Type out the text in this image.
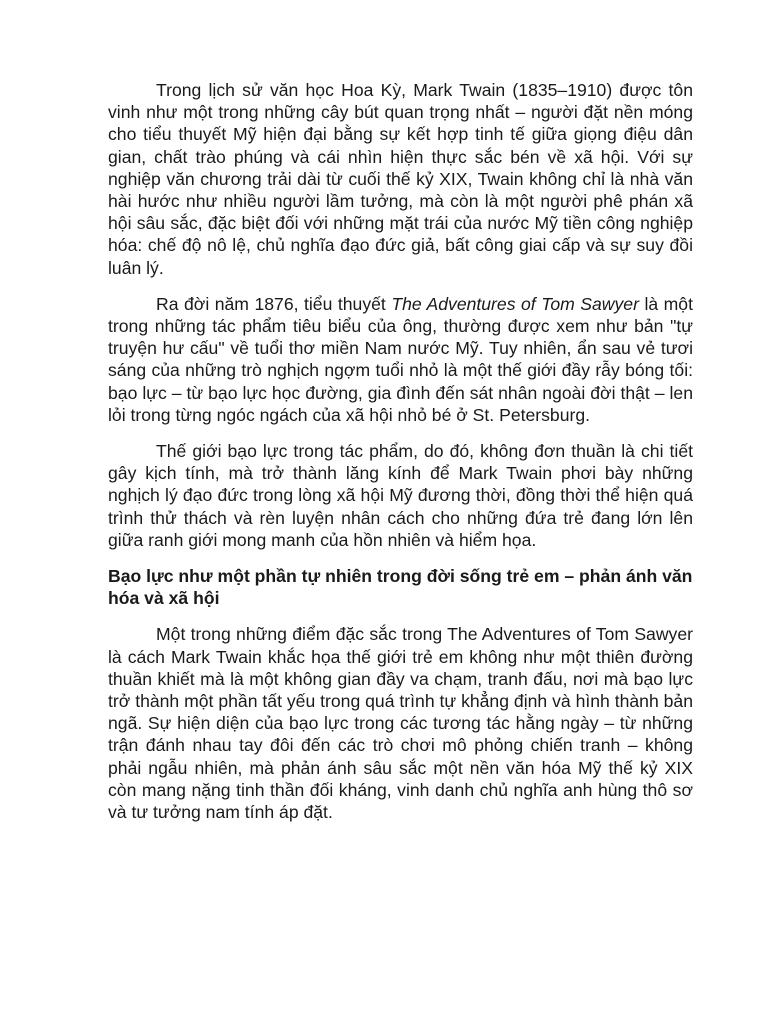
Trong lịch sử văn học Hoa Kỳ, Mark Twain (1835–1910) được tôn vinh như một trong những cây bút quan trọng nhất – người đặt nền móng cho tiểu thuyết Mỹ hiện đại bằng sự kết hợp tinh tế giữa giọng điệu dân gian, chất trào phúng và cái nhìn hiện thực sắc bén về xã hội. Với sự nghiệp văn chương trải dài từ cuối thế kỷ XIX, Twain không chỉ là nhà văn hài hước như nhiều người lầm tưởng, mà còn là một người phê phán xã hội sâu sắc, đặc biệt đối với những mặt trái của nước Mỹ tiền công nghiệp hóa: chế độ nô lệ, chủ nghĩa đạo đức giả, bất công giai cấp và sự suy đồi luân lý.

Ra đời năm 1876, tiểu thuyết The Adventures of Tom Sawyer là một trong những tác phẩm tiêu biểu của ông, thường được xem như bản "tự truyện hư cấu" về tuổi thơ miền Nam nước Mỹ. Tuy nhiên, ẩn sau vẻ tươi sáng của những trò nghịch ngợm tuổi nhỏ là một thế giới đầy rẫy bóng tối: bạo lực – từ bạo lực học đường, gia đình đến sát nhân ngoài đời thật – len lỏi trong từng ngóc ngách của xã hội nhỏ bé ở St. Petersburg.

Thế giới bạo lực trong tác phẩm, do đó, không đơn thuần là chi tiết gây kịch tính, mà trở thành lăng kính để Mark Twain phơi bày những nghịch lý đạo đức trong lòng xã hội Mỹ đương thời, đồng thời thể hiện quá trình thử thách và rèn luyện nhân cách cho những đứa trẻ đang lớn lên giữa ranh giới mong manh của hồn nhiên và hiểm họa.

Bạo lực như một phần tự nhiên trong đời sống trẻ em – phản ánh văn hóa và xã hội

Một trong những điểm đặc sắc trong The Adventures of Tom Sawyer là cách Mark Twain khắc họa thế giới trẻ em không như một thiên đường thuần khiết mà là một không gian đầy va chạm, tranh đấu, nơi mà bạo lực trở thành một phần tất yếu trong quá trình tự khẳng định và hình thành bản ngã. Sự hiện diện của bạo lực trong các tương tác hằng ngày – từ những trận đánh nhau tay đôi đến các trò chơi mô phỏng chiến tranh – không phải ngẫu nhiên, mà phản ánh sâu sắc một nền văn hóa Mỹ thế kỷ XIX còn mang nặng tinh thần đối kháng, vinh danh chủ nghĩa anh hùng thô sơ và tư tưởng nam tính áp đặt.
